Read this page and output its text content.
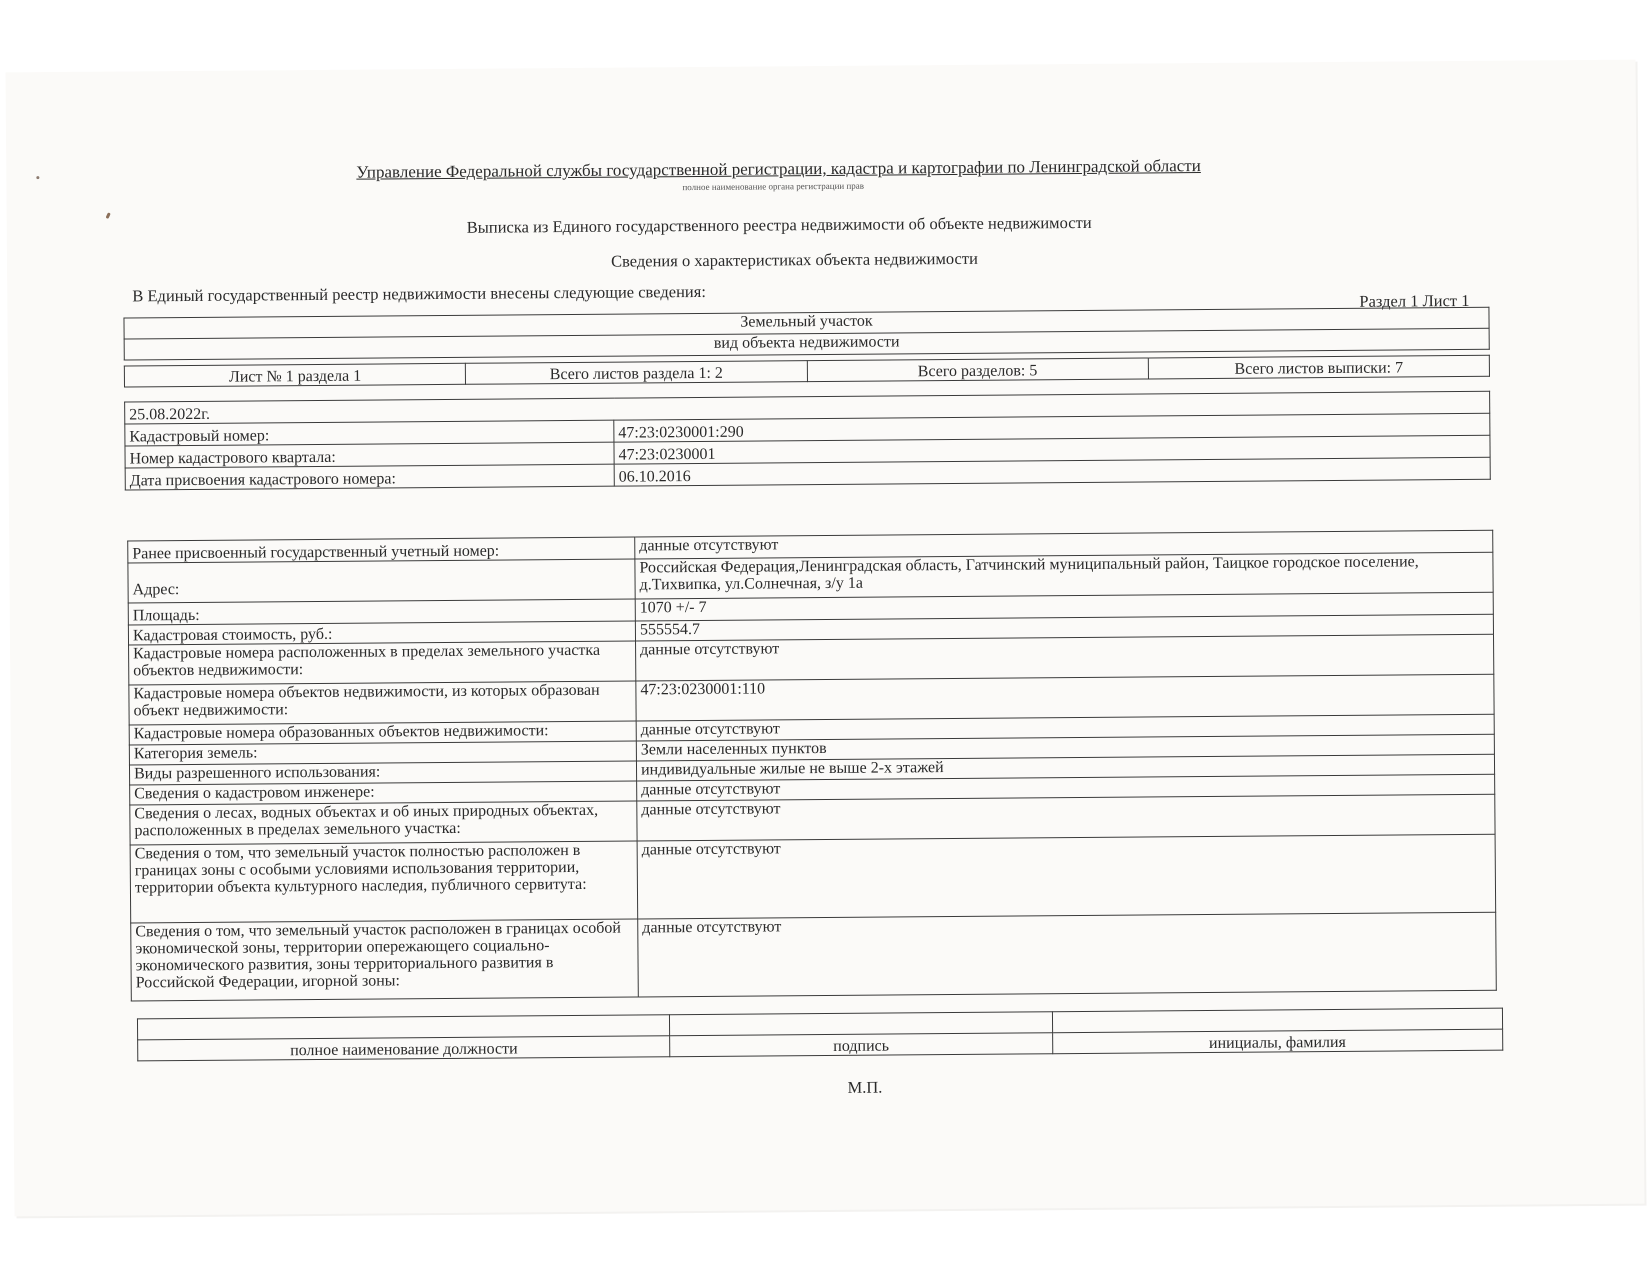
Управление Федеральной службы государственной регистрации, кадастра и картографии по Ленинградской области
полное наименование органа регистрации прав
Выписка из Единого государственного реестра недвижимости об объекте недвижимости
Сведения о характеристиках объекта недвижимости
В Единый государственный реестр недвижимости внесены следующие сведения:	Раздел 1 Лист 1
Земельный участок
вид объекта недвижимости
Лист № 1 раздела 1	Всего листов раздела 1: 2	Всего разделов: 5	Всего листов выписки: 7
25.08.2022г.	
Кадастровый номер:	47:23:0230001:290
Номер кадастрового квартала:	47:23:0230001
Дата присвоения кадастрового номера:	06.10.2016
Ранее присвоенный государственный учетный номер:	данные отсутствуют
Адрес:	Российская Федерация,Ленинградская область, Гатчинский муниципальный район, Таицкое городское поселение, д.Тихвипка, ул.Солнечная, з/у 1а
Площадь:	1070 +/- 7
Кадастровая стоимость, руб.:	555554.7
Кадастровые номера расположенных в пределах земельного участка объектов недвижимости:	данные отсутствуют
Кадастровые номера объектов недвижимости, из которых образован объект недвижимости:	47:23:0230001:110
Кадастровые номера образованных объектов недвижимости:	данные отсутствуют
Категория земель:	Земли населенных пунктов
Виды разрешенного использования:	индивидуальные жилые не выше 2-х этажей
Сведения о кадастровом инженере:	данные отсутствуют
Сведения о лесах, водных объектах и об иных природных объектах, расположенных в пределах земельного участка:	данные отсутствуют
Сведения о том, что земельный участок полностью расположен в границах зоны с особыми условиями использования территории, территории объекта культурного наследия, публичного сервитута:	данные отсутствуют
Сведения о том, что земельный участок расположен в границах особой экономической зоны, территории опережающего социально-экономического развития, зоны территориального развития в Российской Федерации, игорной зоны:	данные отсутствуют

полное наименование должности	подпись	инициалы, фамилия
М.П.
